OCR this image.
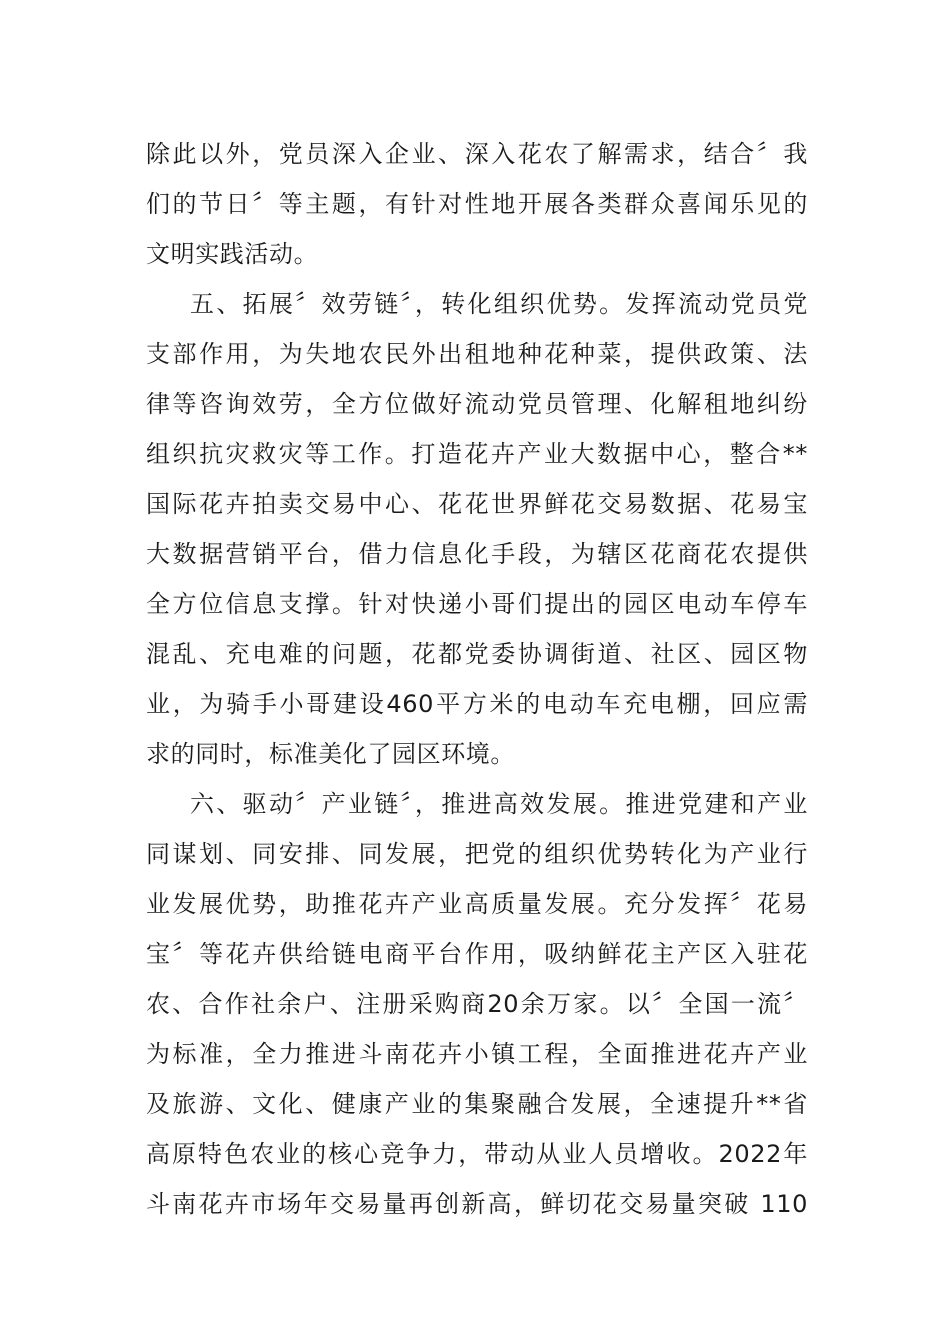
除此以外，党员深入企业、深入花农了解需求，结合〞我
们的节日〞等主题，有针对性地开展各类群众喜闻乐见的
文明实践活动。
五、拓展〞效劳链〞，转化组织优势。发挥流动党员党
支部作用，为失地农民外出租地种花种菜，提供政策、法
律等咨询效劳，全方位做好流动党员管理、化解租地纠纷
组织抗灾救灾等工作。打造花卉产业大数据中心，整合**
国际花卉拍卖交易中心、花花世界鲜花交易数据、花易宝
大数据营销平台，借力信息化手段，为辖区花商花农提供
全方位信息支撑。针对快递小哥们提出的园区电动车停车
混乱、充电难的问题，花都党委协调街道、社区、园区物
业，为骑手小哥建设460平方米的电动车充电棚，回应需
求的同时，标准美化了园区环境。
六、驱动〞产业链〞，推进高效发展。推进党建和产业
同谋划、同安排、同发展，把党的组织优势转化为产业行
业发展优势，助推花卉产业高质量发展。充分发挥〞花易
宝〞等花卉供给链电商平台作用，吸纳鲜花主产区入驻花
农、合作社余户、注册采购商20余万家。以〞全国一流〞
为标准，全力推进斗南花卉小镇工程，全面推进花卉产业
及旅游、文化、健康产业的集聚融合发展，全速提升**省
高原特色农业的核心竞争力，带动从业人员增收。2022年
斗南花卉市场年交易量再创新高，鲜切花交易量突破 110
